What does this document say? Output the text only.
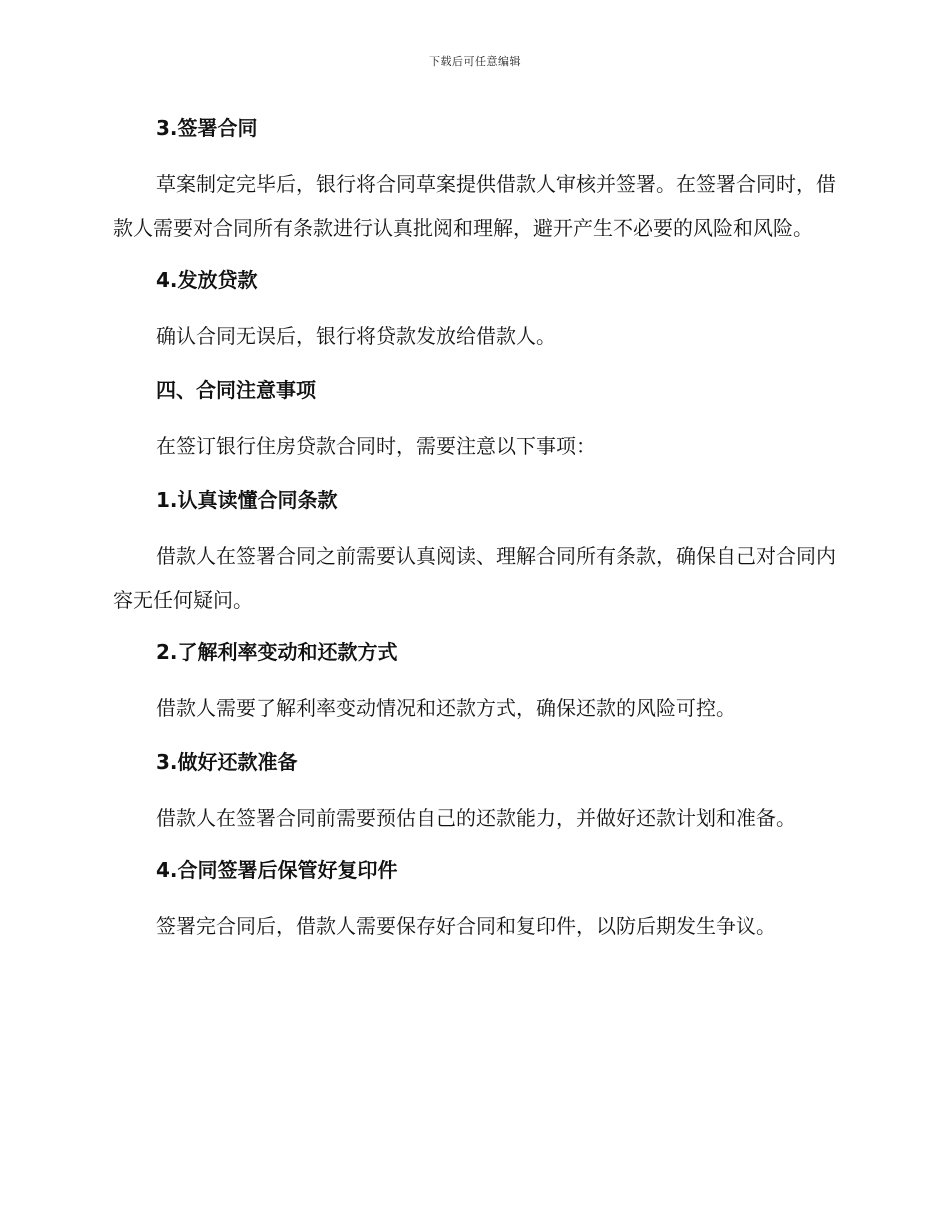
下载后可任意编辑
3.签署合同
草案制定完毕后，银行将合同草案提供借款人审核并签署。在签署合同时，借款人需要对合同所有条款进行认真批阅和理解，避开产生不必要的风险和风险。
4.发放贷款
确认合同无误后，银行将贷款发放给借款人。
四、合同注意事项
在签订银行住房贷款合同时，需要注意以下事项：
1.认真读懂合同条款
借款人在签署合同之前需要认真阅读、理解合同所有条款，确保自己对合同内容无任何疑问。
2.了解利率变动和还款方式
借款人需要了解利率变动情况和还款方式，确保还款的风险可控。
3.做好还款准备
借款人在签署合同前需要预估自己的还款能力，并做好还款计划和准备。
4.合同签署后保管好复印件
签署完合同后，借款人需要保存好合同和复印件，以防后期发生争议。
